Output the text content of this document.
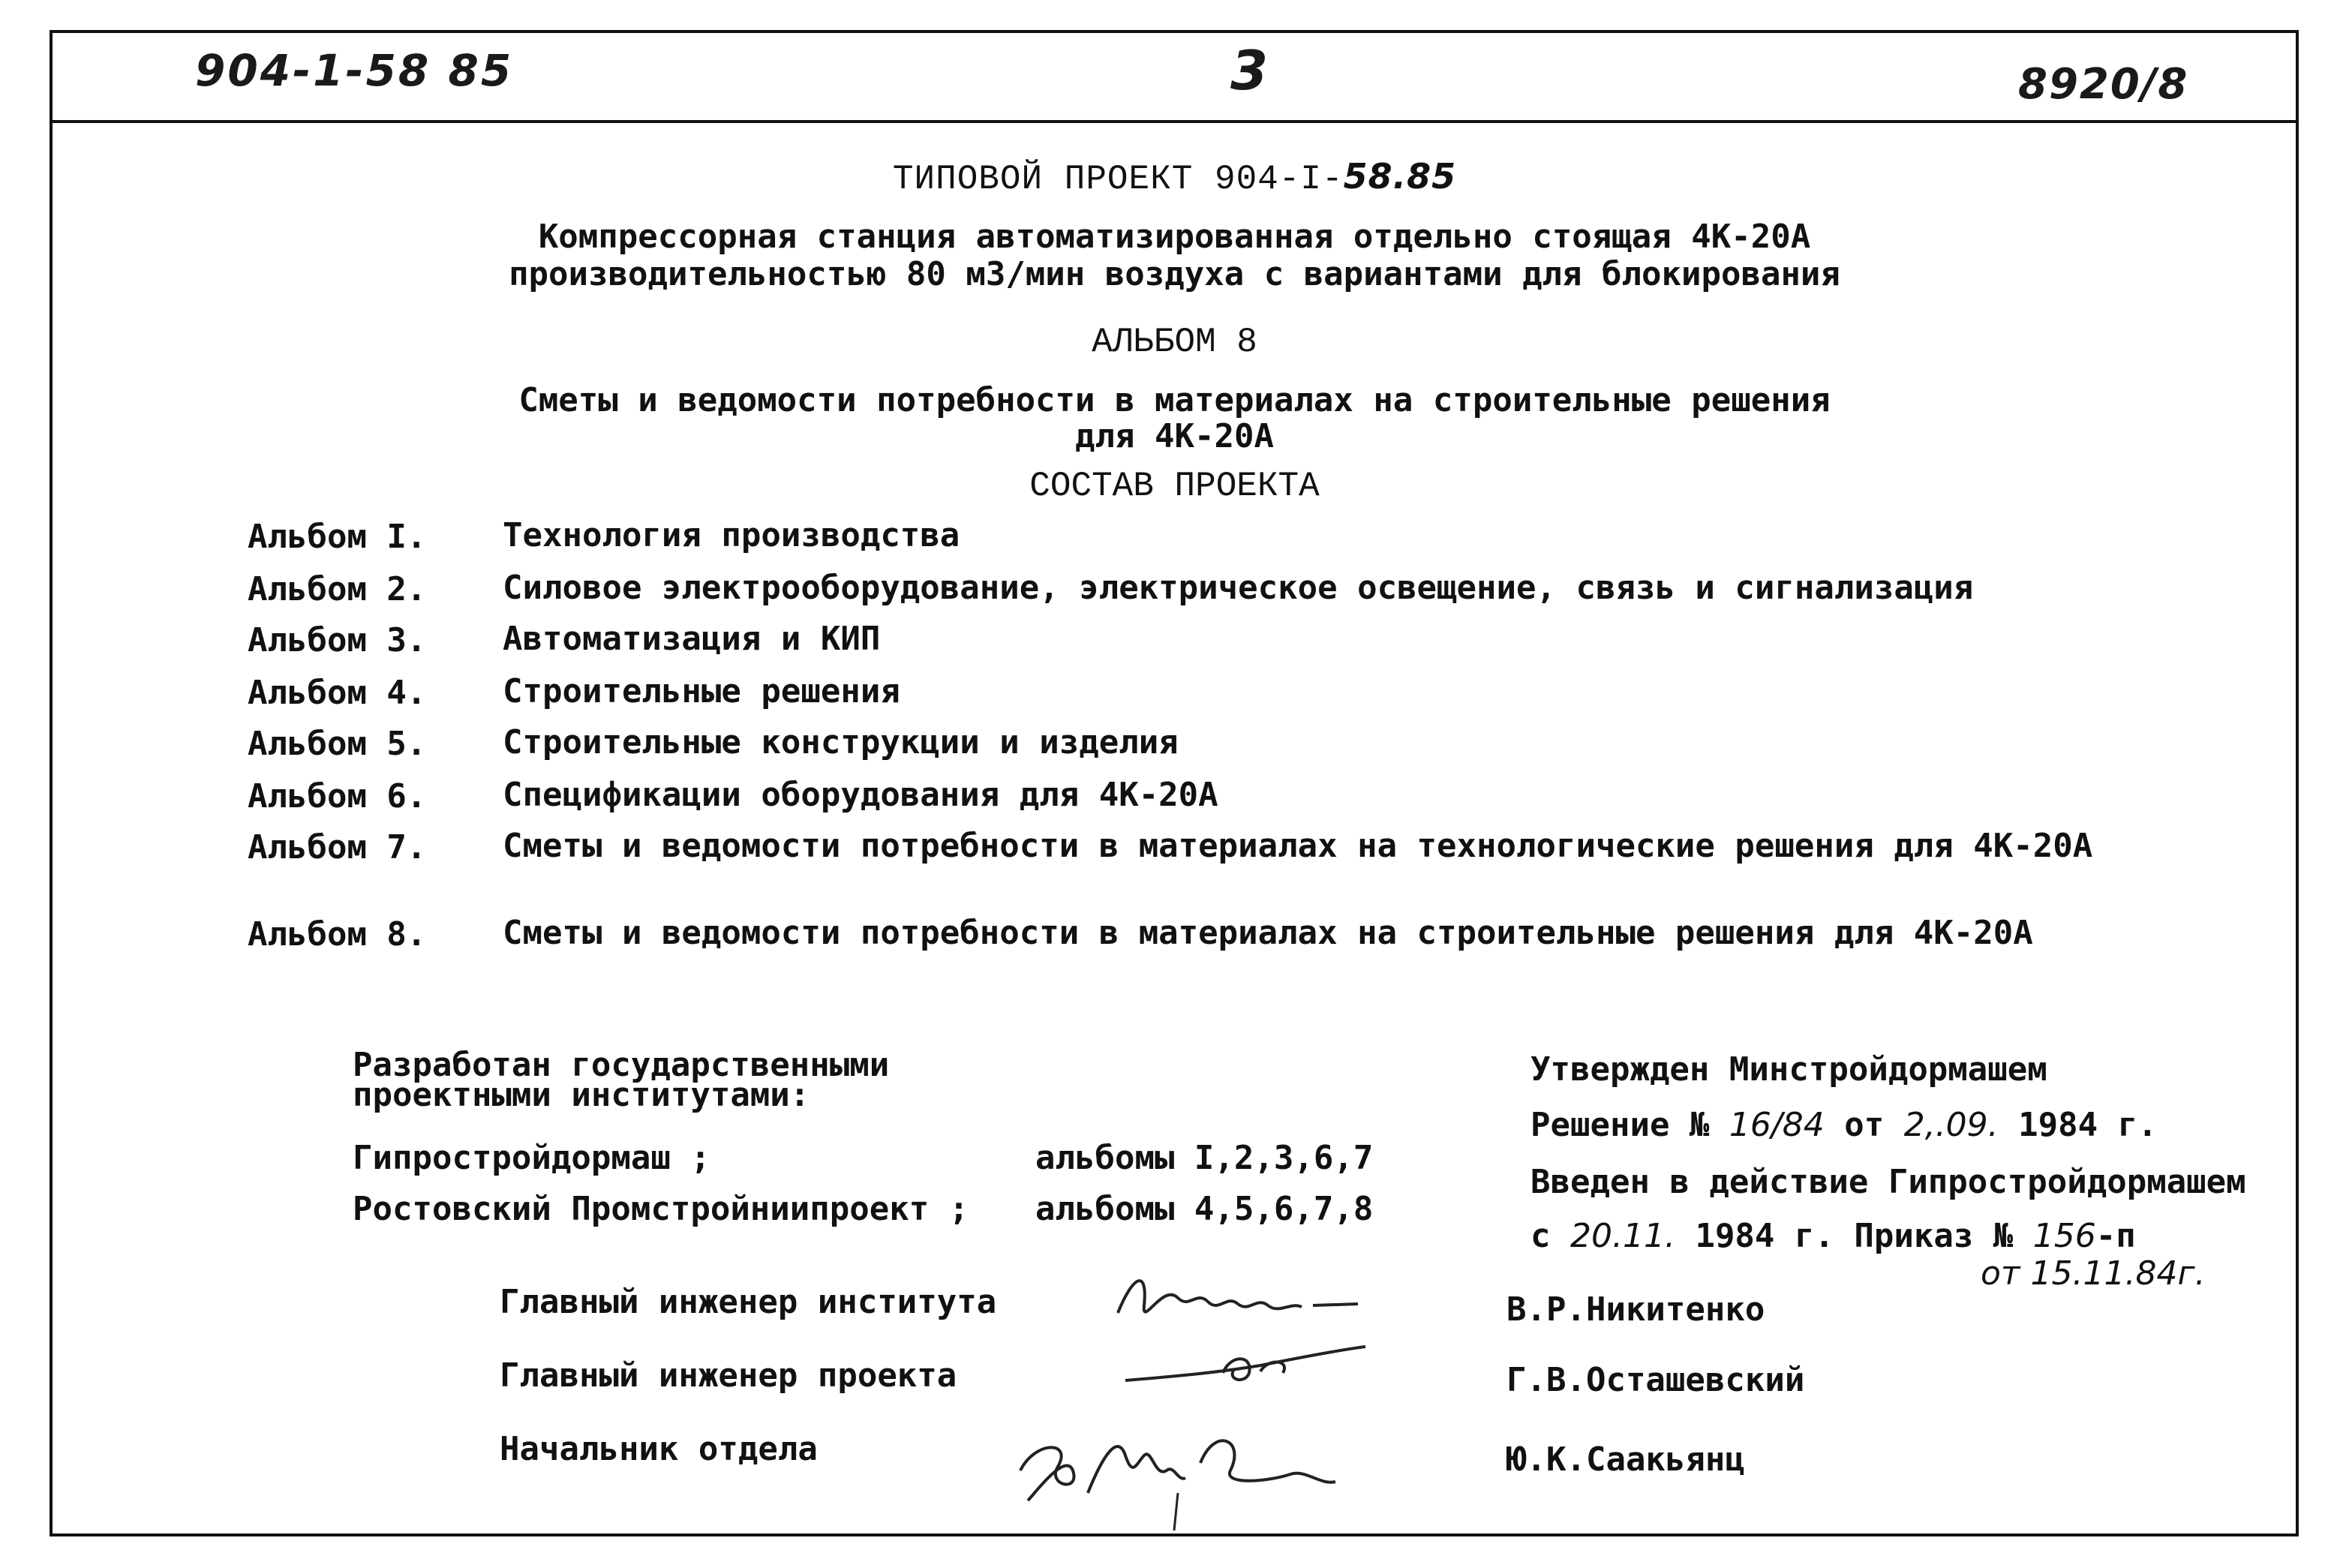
904-1-58 85	3	8920/8
ТИПОВОЙ ПРОЕКТ 904-I-58.85
Компрессорная станция автоматизированная отдельно стоящая 4К-20А
производительностью 80 м3/мин воздуха с вариантами для блокирования
АЛЬБОМ 8
Сметы и ведомости потребности в материалах на строительные решения
для 4К-20А
СОСТАВ ПРОЕКТА
Альбом I.	Технология производства
Альбом 2.	Силовое электрооборудование, электрическое освещение, связь и сигнализация
Альбом 3.	Автоматизация и КИП
Альбом 4.	Строительные решения
Альбом 5.	Строительные конструкции и изделия
Альбом 6.	Спецификации оборудования для 4К-20А
Альбом 7.	Сметы и ведомости потребности в материалах на технологические решения для 4К-20А
Альбом 8.	Сметы и ведомости потребности в материалах на строительные решения для 4К-20А
Разработан государственными
проектными институтами:
Гипростройдормаш ;	альбомы I,2,3,6,7
Ростовский Промстройниипроект ; альбомы 4,5,6,7,8
Утвержден Минстройдормашем
Решение № 16/84 от 2,.09. 1984 г.
Введен в действие Гипростройдормашем
с 20.11. 1984 г. Приказ № 156-п
от 15.11.84г.
Главный инженер института	В.Р.Никитенко
Главный инженер проекта	Г.В.Осташевский
Начальник отдела	Ю.К.Саакьянц
